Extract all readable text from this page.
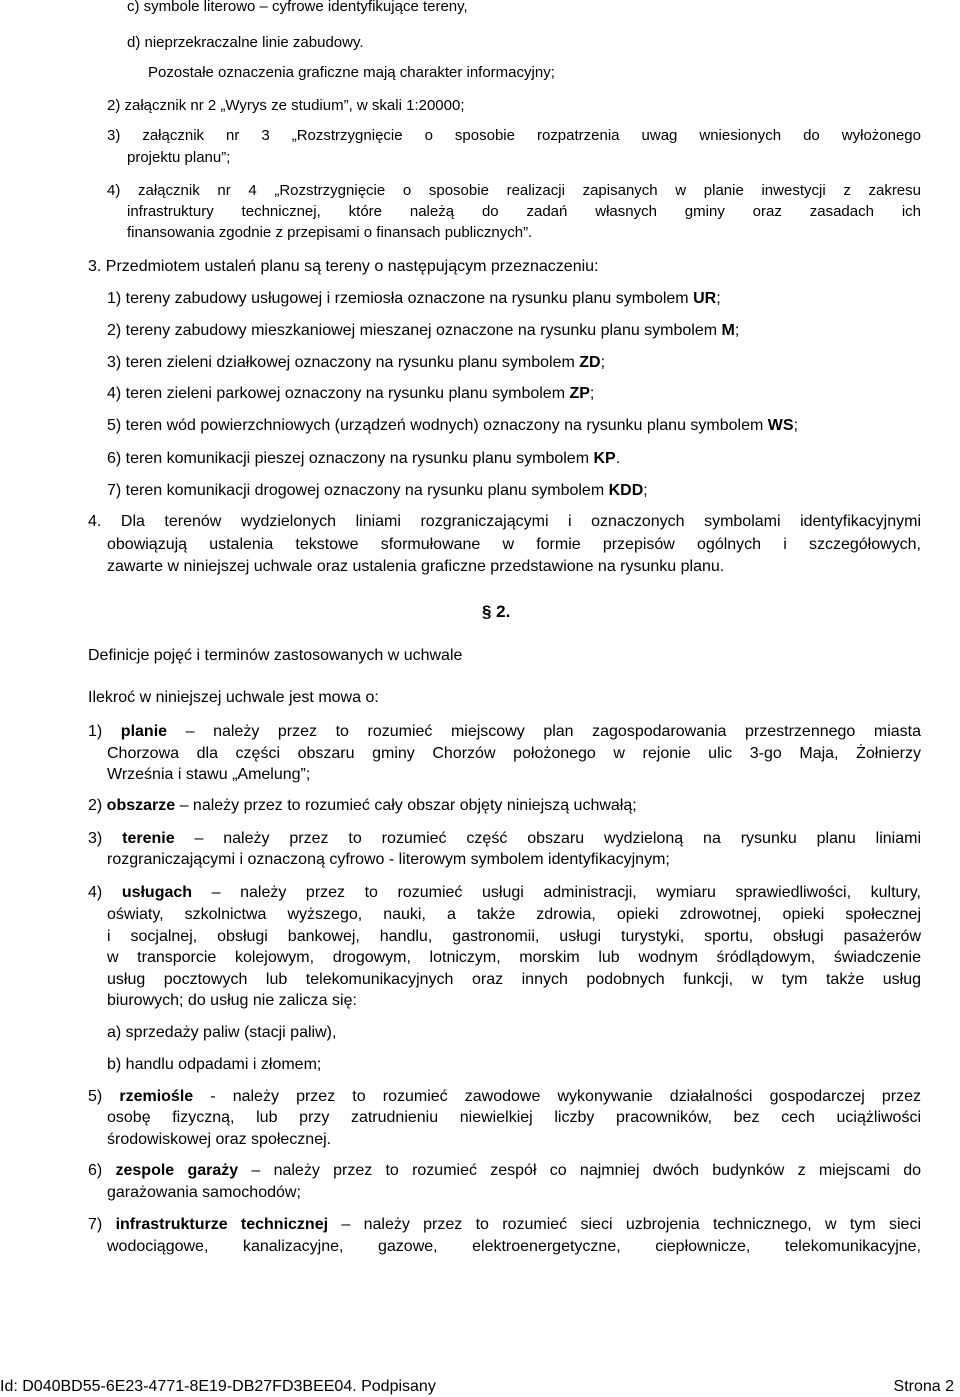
c) symbole literowo – cyfrowe identyfikujące tereny,
d) nieprzekraczalne linie zabudowy.
Pozostałe oznaczenia graficzne mają charakter informacyjny;
2) załącznik nr 2 „Wyrys ze studium”, w skali 1:20000;
3) załącznik nr 3 „Rozstrzygnięcie o sposobie rozpatrzenia uwag wniesionych do wyłożonego
projektu planu”;
4) załącznik nr 4 „Rozstrzygnięcie o sposobie realizacji zapisanych w planie inwestycji z zakresu
infrastruktury technicznej, które należą do zadań własnych gminy oraz zasadach ich
finansowania zgodnie z przepisami o finansach publicznych”.
3. Przedmiotem ustaleń planu są tereny o następującym przeznaczeniu:
1) tereny zabudowy usługowej i rzemiosła oznaczone na rysunku planu symbolem UR;
2) tereny zabudowy mieszkaniowej mieszanej oznaczone na rysunku planu symbolem M;
3) teren zieleni działkowej oznaczony na rysunku planu symbolem ZD;
4) teren zieleni parkowej oznaczony na rysunku planu symbolem ZP;
5) teren wód powierzchniowych (urządzeń wodnych) oznaczony na rysunku planu symbolem WS;
6) teren komunikacji pieszej oznaczony na rysunku planu symbolem KP.
7) teren komunikacji drogowej oznaczony na rysunku planu symbolem KDD;
4. Dla terenów wydzielonych liniami rozgraniczającymi i oznaczonych symbolami identyfikacyjnymi
obowiązują ustalenia tekstowe sformułowane w formie przepisów ogólnych i szczegółowych,
zawarte w niniejszej uchwale oraz ustalenia graficzne przedstawione na rysunku planu.
§ 2.
Definicje pojęć i terminów zastosowanych w uchwale
Ilekroć w niniejszej uchwale jest mowa o:
1) planie – należy przez to rozumieć miejscowy plan zagospodarowania przestrzennego miasta
Chorzowa dla części obszaru gminy Chorzów położonego w rejonie ulic 3-go Maja, Żołnierzy
Września i stawu „Amelung”;
2) obszarze – należy przez to rozumieć cały obszar objęty niniejszą uchwałą;
3) terenie – należy przez to rozumieć część obszaru wydzieloną na rysunku planu liniami
rozgraniczającymi i oznaczoną cyfrowo - literowym symbolem identyfikacyjnym;
4) usługach – należy przez to rozumieć usługi administracji, wymiaru sprawiedliwości, kultury,
oświaty, szkolnictwa wyższego, nauki, a także zdrowia, opieki zdrowotnej, opieki społecznej
i socjalnej, obsługi bankowej, handlu, gastronomii, usługi turystyki, sportu, obsługi pasażerów
w transporcie kolejowym, drogowym, lotniczym, morskim lub wodnym śródlądowym, świadczenie
usług pocztowych lub telekomunikacyjnych oraz innych podobnych funkcji, w tym także usług
biurowych; do usług nie zalicza się:
a) sprzedaży paliw (stacji paliw),
b) handlu odpadami i złomem;
5) rzemiośle - należy przez to rozumieć zawodowe wykonywanie działalności gospodarczej przez
osobę fizyczną, lub przy zatrudnieniu niewielkiej liczby pracowników, bez cech uciążliwości
środowiskowej oraz społecznej.
6) zespole garaży – należy przez to rozumieć zespół co najmniej dwóch budynków z miejscami do
garażowania samochodów;
7) infrastrukturze technicznej – należy przez to rozumieć sieci uzbrojenia technicznego, w tym sieci
wodociągowe, kanalizacyjne, gazowe, elektroenergetyczne, ciepłownicze, telekomunikacyjne,
Id: D040BD55-6E23-4771-8E19-DB27FD3BEE04. Podpisany	Strona 2
